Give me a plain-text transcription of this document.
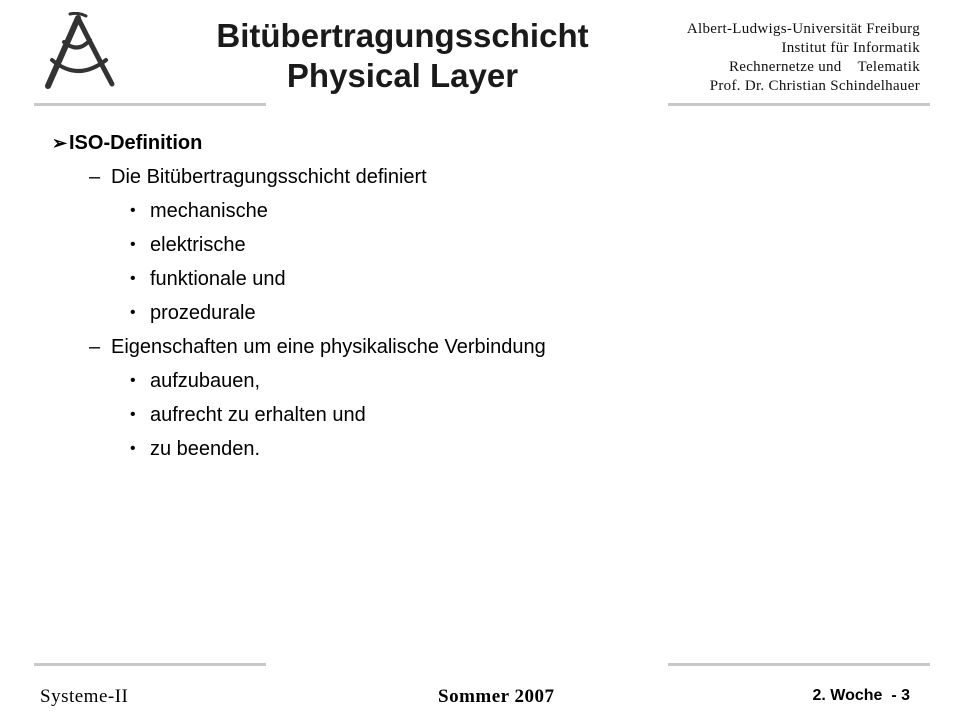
Bitübertragungsschicht
Physical Layer
Albert-Ludwigs-Universität Freiburg
Institut für Informatik
Rechnernetze und    Telematik
Prof. Dr. Christian Schindelhauer
➢ ISO-Definition
– Die Bitübertragungsschicht definiert
• mechanische
• elektrische
• funktionale und
• prozedurale
– Eigenschaften um eine physikalische Verbindung
• aufzubauen,
• aufrecht zu erhalten und
• zu beenden.
Systeme-II	Sommer 2007	2. Woche  - 3
